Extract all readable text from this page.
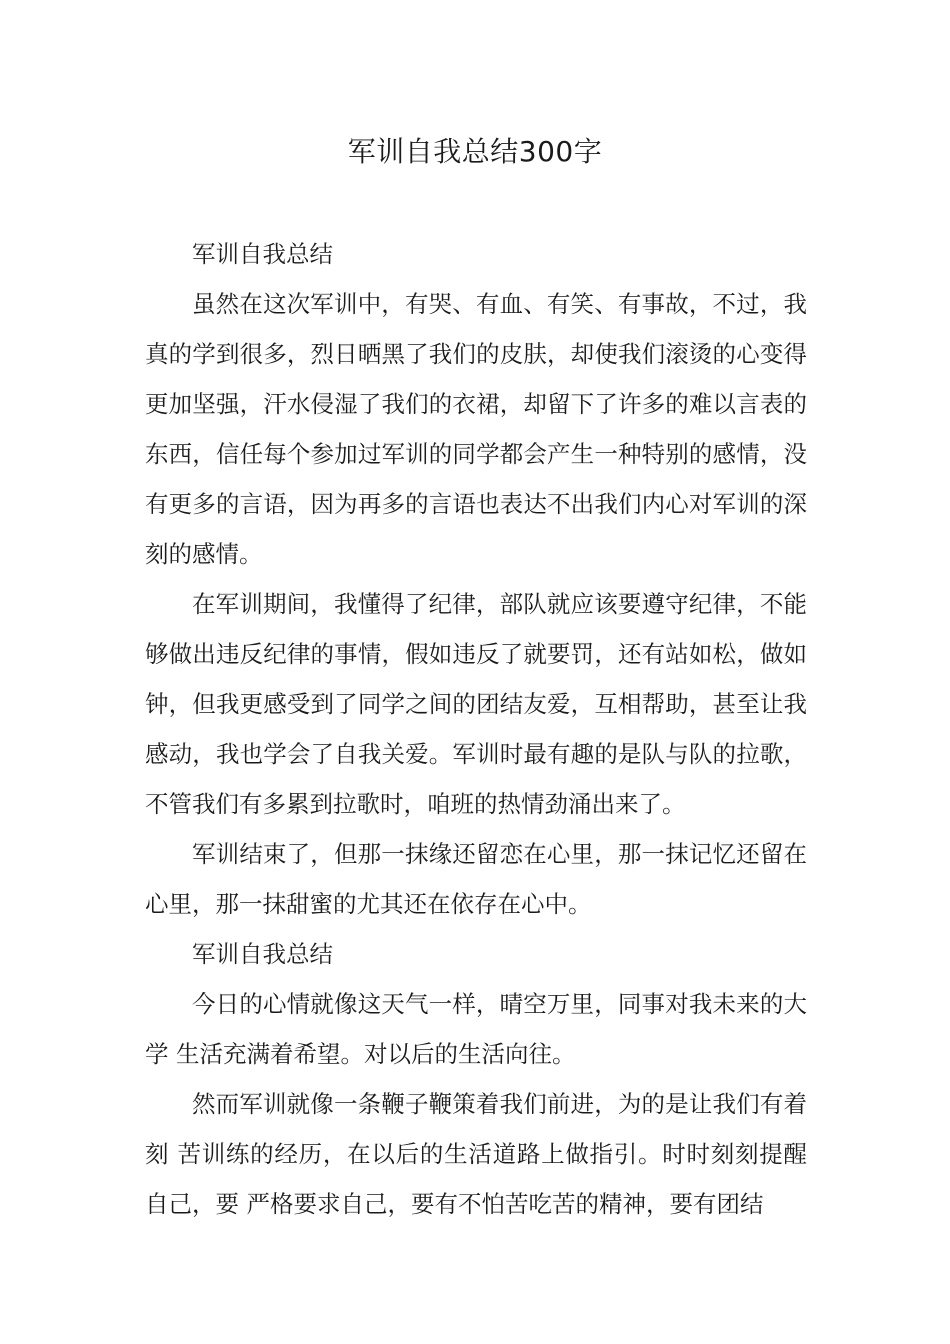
军训自我总结300字

军训自我总结

虽然在这次军训中，有哭、有血、有笑、有事故，不过，我真的学到很多，烈日晒黑了我们的皮肤，却使我们滚烫的心变得更加坚强，汗水侵湿了我们的衣裙，却留下了许多的难以言表的东西，信任每个参加过军训的同学都会产生一种特别的感情，没有更多的言语，因为再多的言语也表达不出我们内心对军训的深刻的感情。

在军训期间，我懂得了纪律，部队就应该要遵守纪律，不能够做出违反纪律的事情，假如违反了就要罚，还有站如松，做如钟，但我更感受到了同学之间的团结友爱，互相帮助，甚至让我感动，我也学会了自我关爱。军训时最有趣的是队与队的拉歌，不管我们有多累到拉歌时，咱班的热情劲涌出来了。

军训结束了，但那一抹缘还留恋在心里，那一抹记忆还留在心里，那一抹甜蜜的尤其还在依存在心中。

军训自我总结

今日的心情就像这天气一样，晴空万里，同事对我未来的大学 生活充满着希望。对以后的生活向往。

然而军训就像一条鞭子鞭策着我们前进，为的是让我们有着刻 苦训练的经历，在以后的生活道路上做指引。时时刻刻提醒自己，要 严格要求自己，要有不怕苦吃苦的精神，要有团结
